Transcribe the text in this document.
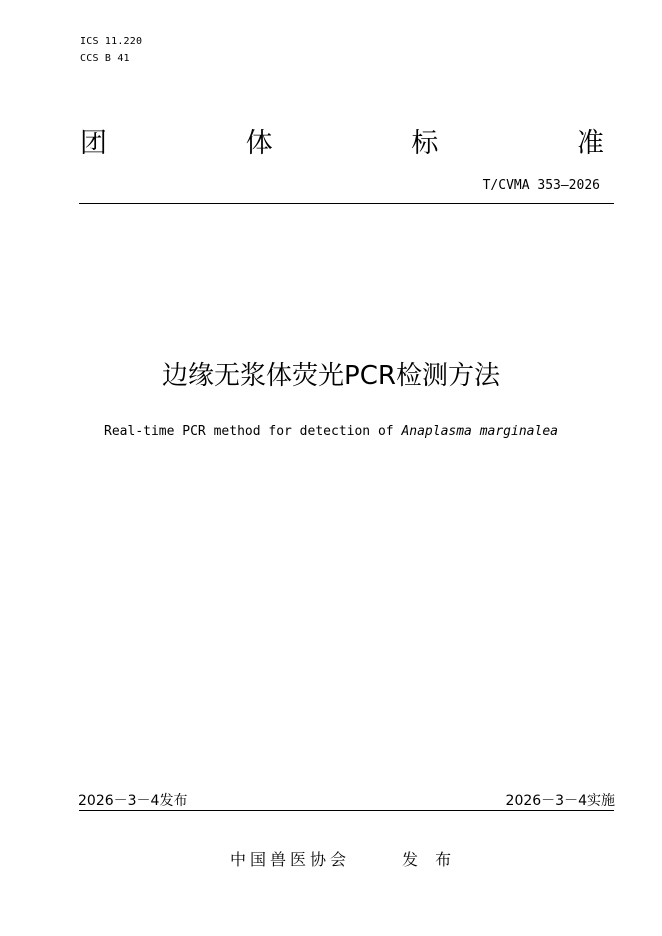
ICS 11.220
CCS B 41
团	体	标	准
T/CVMA 353—2026
边缘无浆体荧光PCR检测方法
Real-time PCR method for detection of Anaplasma marginalea
2026－3－4发布	2026－3－4实施
中国兽医协会	发 布
